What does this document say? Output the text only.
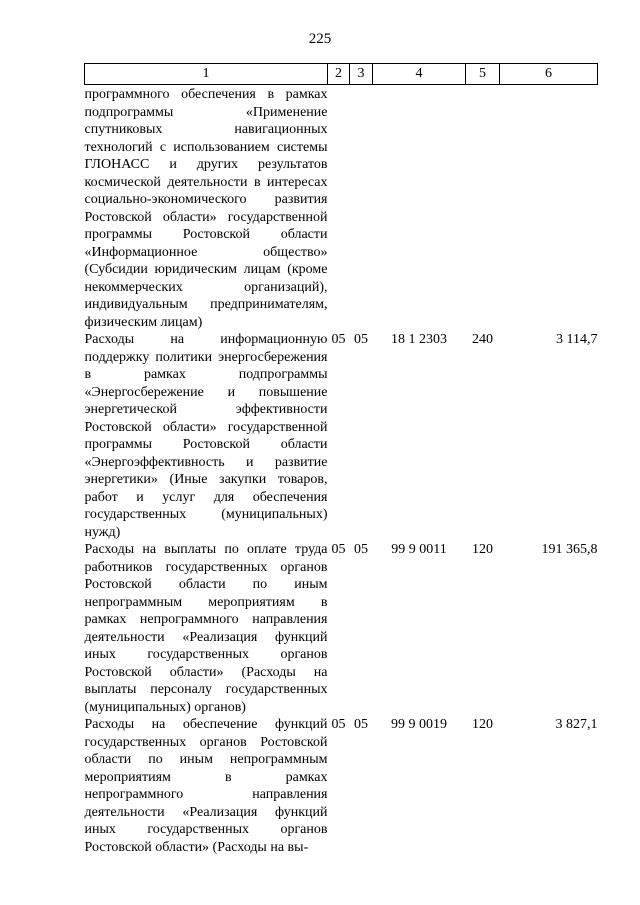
225
1	2	3	4	5	6
программного обеспечения в рамках подпрограммы «Применение спутниковых навигационных технологий с использованием системы ГЛОНАСС и других результатов космической деятельности в интересах социально-экономического развития Ростовской области» государственной программы Ростовской области «Информационное общество» (Субсидии юридическим лицам (кроме некоммерческих организаций), индивидуальным предпринимателям, физическим лицам)					
Расходы на информационную поддержку политики энергосбережения в рамках подпрограммы «Энергосбережение и повышение энергетической эффективности Ростовской области» государственной программы Ростовской области «Энергоэффективность и развитие энергетики» (Иные закупки товаров, работ и услуг для обеспечения государственных (муниципальных) нужд)	05	05	18 1 2303	240	3 114,7
Расходы на выплаты по оплате труда работников государственных органов Ростовской области по иным непрограммным мероприятиям в рамках непрограммного направления деятельности «Реализация функций иных государственных органов Ростовской области» (Расходы на выплаты персоналу государственных (муниципальных) органов)	05	05	99 9 0011	120	191 365,8
Расходы на обеспечение функций государственных органов Ростовской области по иным непрограммным мероприятиям в рамках непрограммного направления деятельности «Реализация функций иных государственных органов Ростовской области» (Расходы на вы-	05	05	99 9 0019	120	3 827,1
